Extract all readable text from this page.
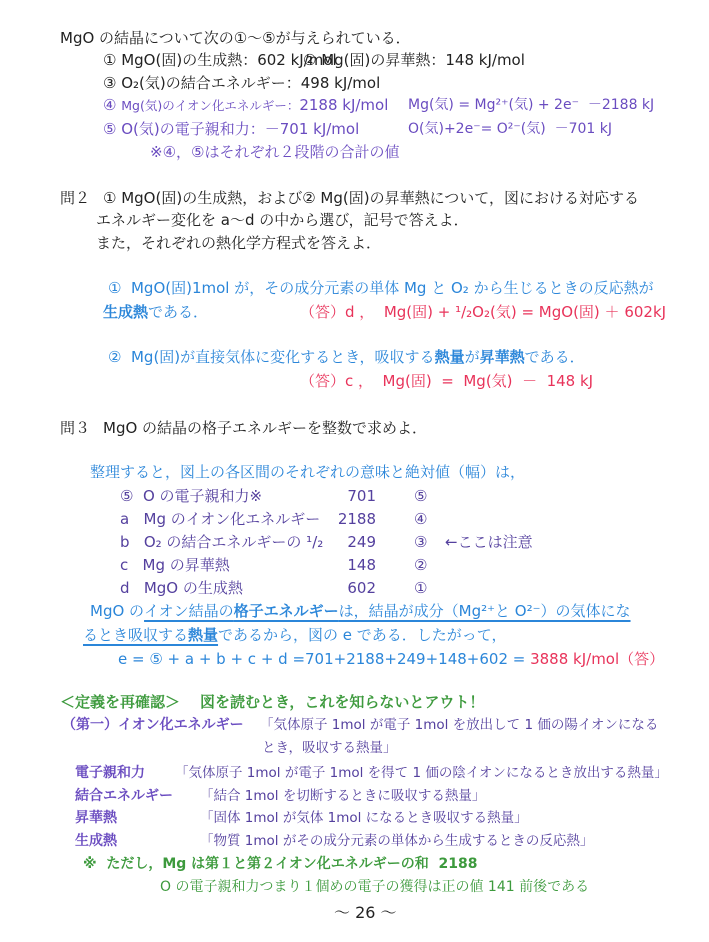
MgO の結晶について次の①～⑤が与えられている．
① MgO(固)の生成熱：602 kJ/mol
② Mg(固)の昇華熱：148 kJ/mol
③ O₂(気)の結合エネルギー：498 kJ/mol
④ Mg(気)のイオン化エネルギー：2188 kJ/mol Mg(気) = Mg²⁺(気) + 2e⁻  －2188 kJ
⑤ O(気)の電子親和力：－701 kJ/mol	O(気)+2e⁻= O²⁻(気)  －701 kJ
※④，⑤はそれぞれ２段階の合計の値
問２ ① MgO(固)の生成熱，および② Mg(固)の昇華熱について，図における対応する
エネルギー変化を a～d の中から選び，記号で答えよ．
また，それぞれの熱化学方程式を答えよ．
①  MgO(固)1mol が，その成分元素の単体 Mg と O₂ から生じるときの反応熱が
生成熱である．	（答）d ，  Mg(固) + ¹/₂O₂(気) = MgO(固) ＋ 602kJ
②  Mg(固)が直接気体に変化するとき，吸収する熱量が昇華熱である．
（答）c ，  Mg(固)  =  Mg(気)  －  148 kJ
問３ MgO の結晶の格子エネルギーを整数で求めよ．
整理すると，図上の各区間のそれぞれの意味と絶対値（幅）は，
⑤  O の電子親和力※	701	⑤
a   Mg のイオン化エネルギー	2188	④
b   O₂ の結合エネルギーの ¹/₂	249	③ ←ここは注意
c   Mg の昇華熱	148	②
d   MgO の生成熱	602	①
MgO のイオン結晶の格子エネルギーは，結晶が成分（Mg²⁺と O²⁻）の気体にな
るとき吸収する熱量であるから，図の e である．したがって，
e = ⑤ + a + b + c + d =701+2188+249+148+602 = 3888 kJ/mol（答）
＜定義を再確認＞ 図を読むとき，これを知らないとアウト！
（第一）イオン化エネルギー 「気体原子 1mol が電子 1mol を放出して 1 価の陽イオンになる
とき，吸収する熱量」
電子親和力 「気体原子 1mol が電子 1mol を得て 1 価の陰イオンになるとき放出する熱量」
結合エネルギー 「結合 1mol を切断するときに吸収する熱量」
昇華熱	「固体 1mol が気体 1mol になるとき吸収する熱量」
生成熱	「物質 1mol がその成分元素の単体から生成するときの反応熱」
※  ただし，Mg は第１と第２イオン化エネルギーの和  2188
O の電子親和力つまり１個めの電子の獲得は正の値 141 前後である
～ 26 ～
